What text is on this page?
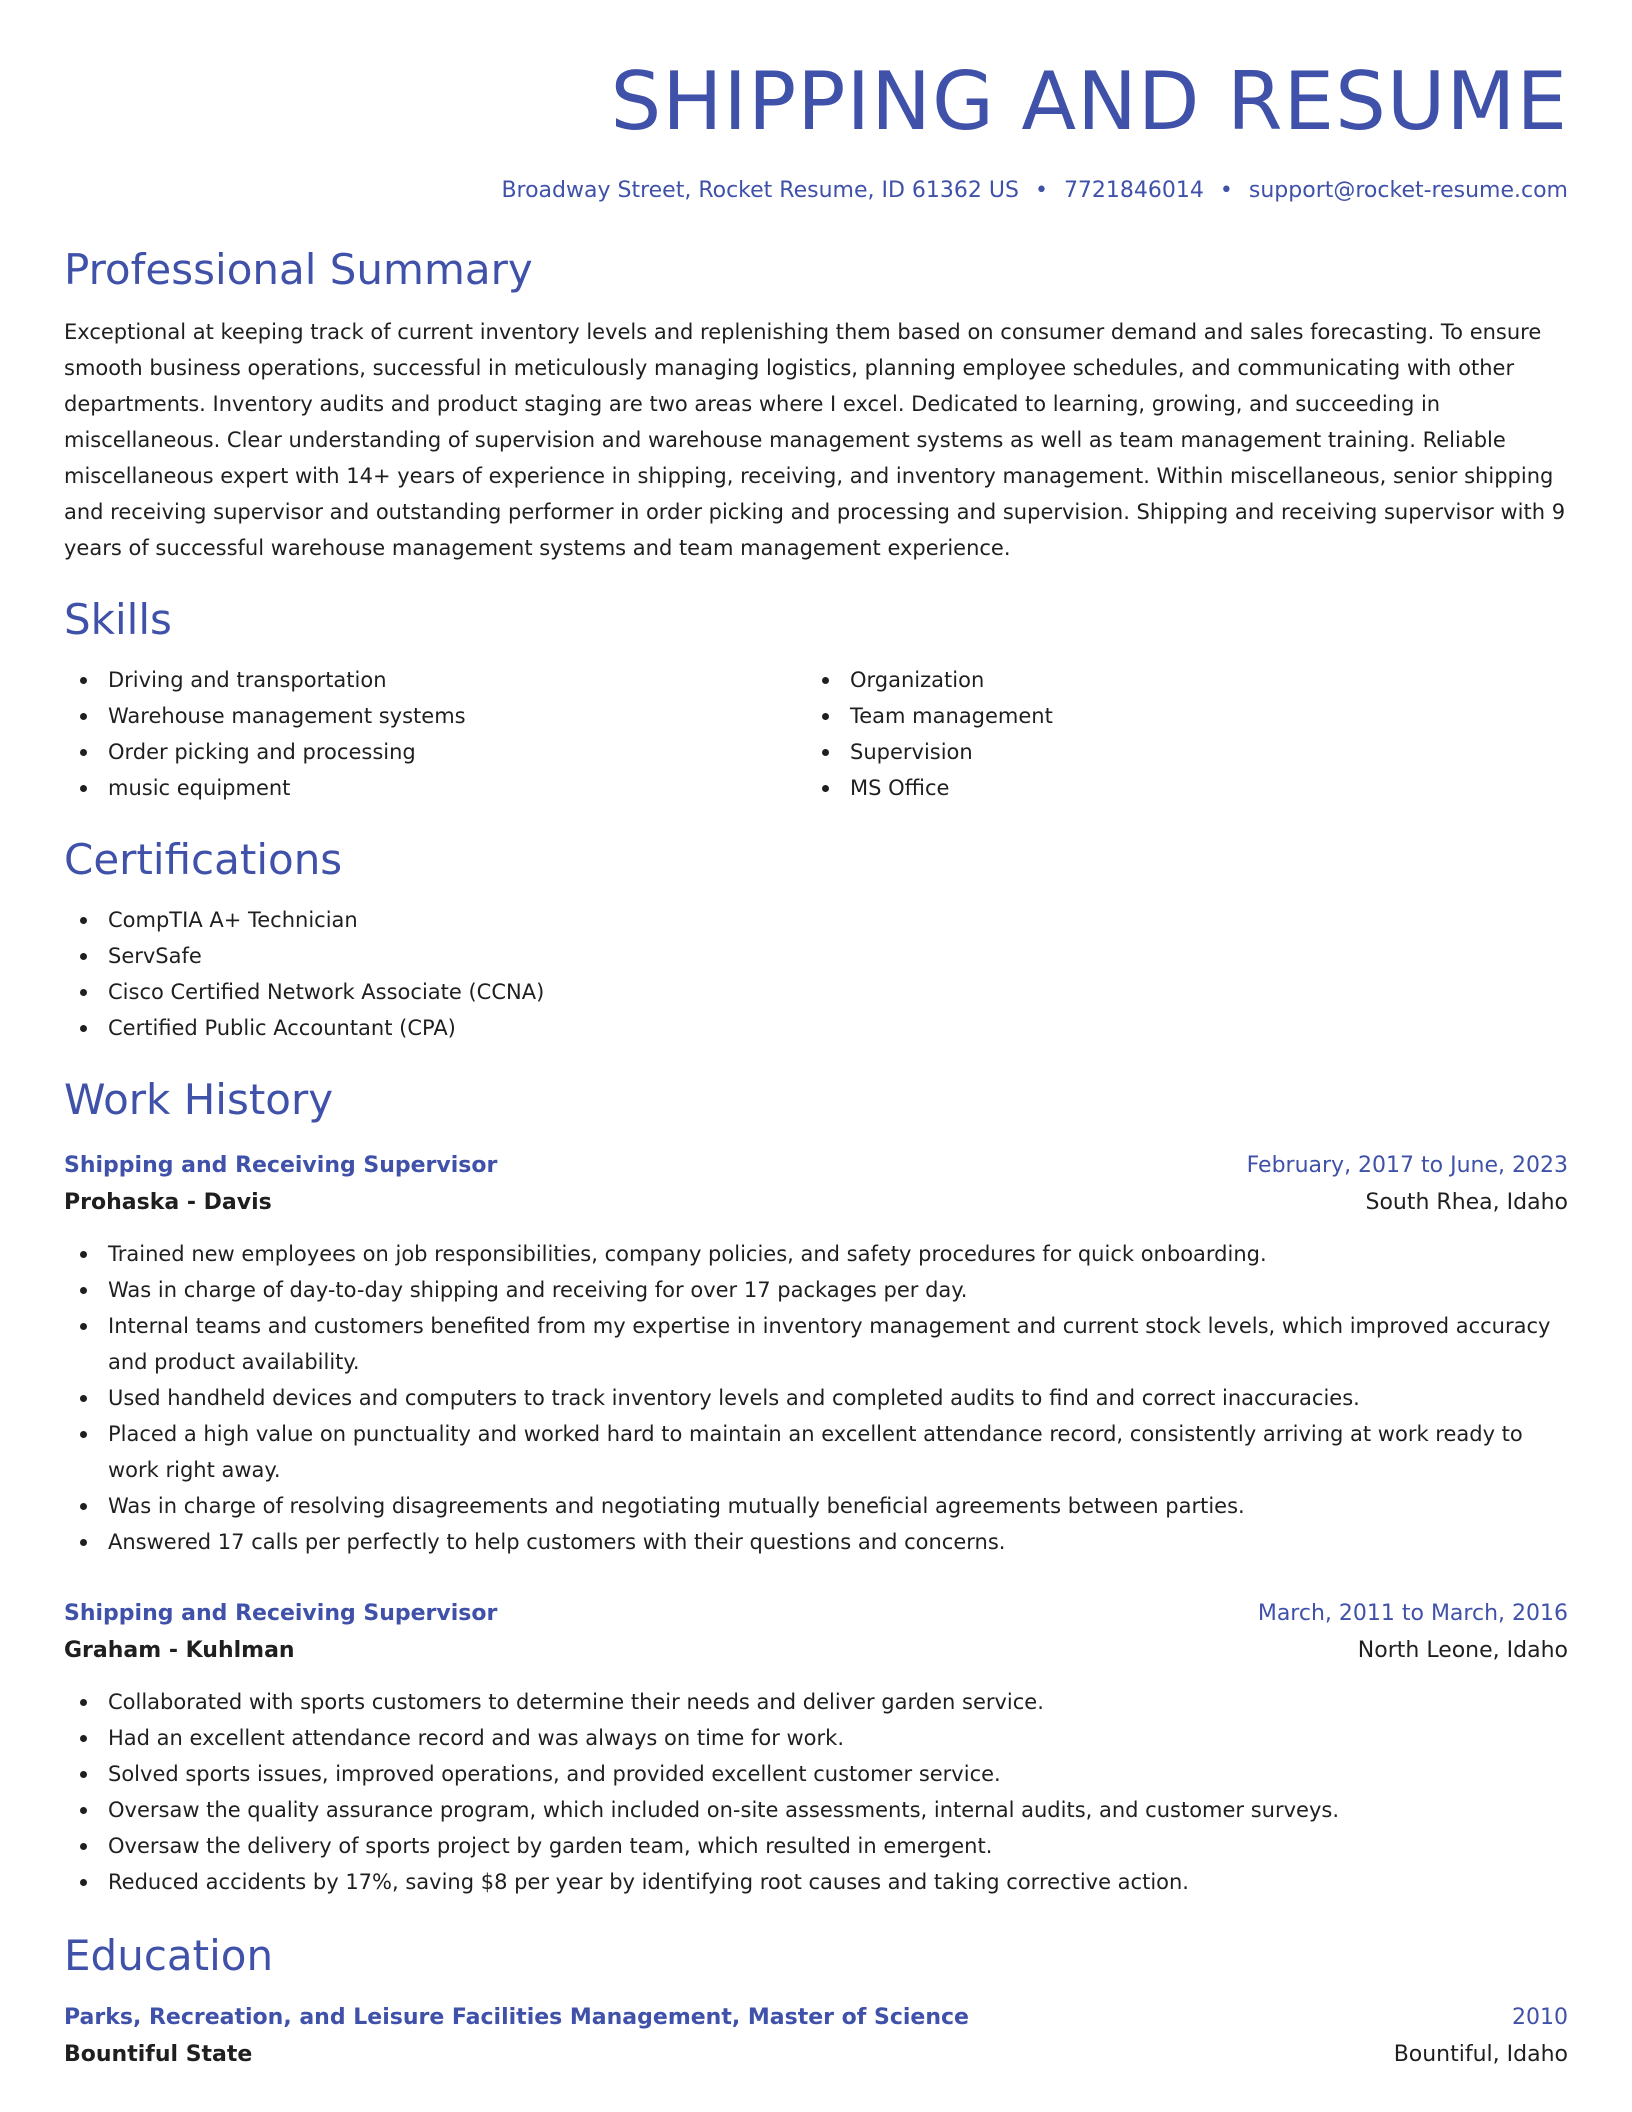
SHIPPING AND RESUME
Broadway Street, Rocket Resume, ID 61362 US • 7721846014 • support@rocket-resume.com
Professional Summary

Exceptional at keeping track of current inventory levels and replenishing them based on consumer demand and sales forecasting. To ensure smooth business operations, successful in meticulously managing logistics, planning employee schedules, and communicating with other departments. Inventory audits and product staging are two areas where I excel. Dedicated to learning, growing, and succeeding in miscellaneous. Clear understanding of supervision and warehouse management systems as well as team management training. Reliable miscellaneous expert with 14+ years of experience in shipping, receiving, and inventory management. Within miscellaneous, senior shipping and receiving supervisor and outstanding performer in order picking and processing and supervision. Shipping and receiving supervisor with 9 years of successful warehouse management systems and team management experience.

Skills
Driving and transportation
Warehouse management systems
Order picking and processing
music equipment
Organization
Team management
Supervision
MS Office
Certifications
CompTIA A+ Technician
ServSafe
Cisco Certified Network Associate (CCNA)
Certified Public Accountant (CPA)
Work History
Shipping and Receiving Supervisor	February, 2017 to June, 2023
Prohaska - Davis	South Rhea, Idaho
Trained new employees on job responsibilities, company policies, and safety procedures for quick onboarding.
Was in charge of day-to-day shipping and receiving for over 17 packages per day.
Internal teams and customers benefited from my expertise in inventory management and current stock levels, which improved accuracy and product availability.
Used handheld devices and computers to track inventory levels and completed audits to find and correct inaccuracies.
Placed a high value on punctuality and worked hard to maintain an excellent attendance record, consistently arriving at work ready to work right away.
Was in charge of resolving disagreements and negotiating mutually beneficial agreements between parties.
Answered 17 calls per perfectly to help customers with their questions and concerns.
Shipping and Receiving Supervisor	March, 2011 to March, 2016
Graham - Kuhlman	North Leone, Idaho
Collaborated with sports customers to determine their needs and deliver garden service.
Had an excellent attendance record and was always on time for work.
Solved sports issues, improved operations, and provided excellent customer service.
Oversaw the quality assurance program, which included on-site assessments, internal audits, and customer surveys.
Oversaw the delivery of sports project by garden team, which resulted in emergent.
Reduced accidents by 17%, saving $8 per year by identifying root causes and taking corrective action.
Education
Parks, Recreation, and Leisure Facilities Management, Master of Science	2010
Bountiful State	Bountiful, Idaho
